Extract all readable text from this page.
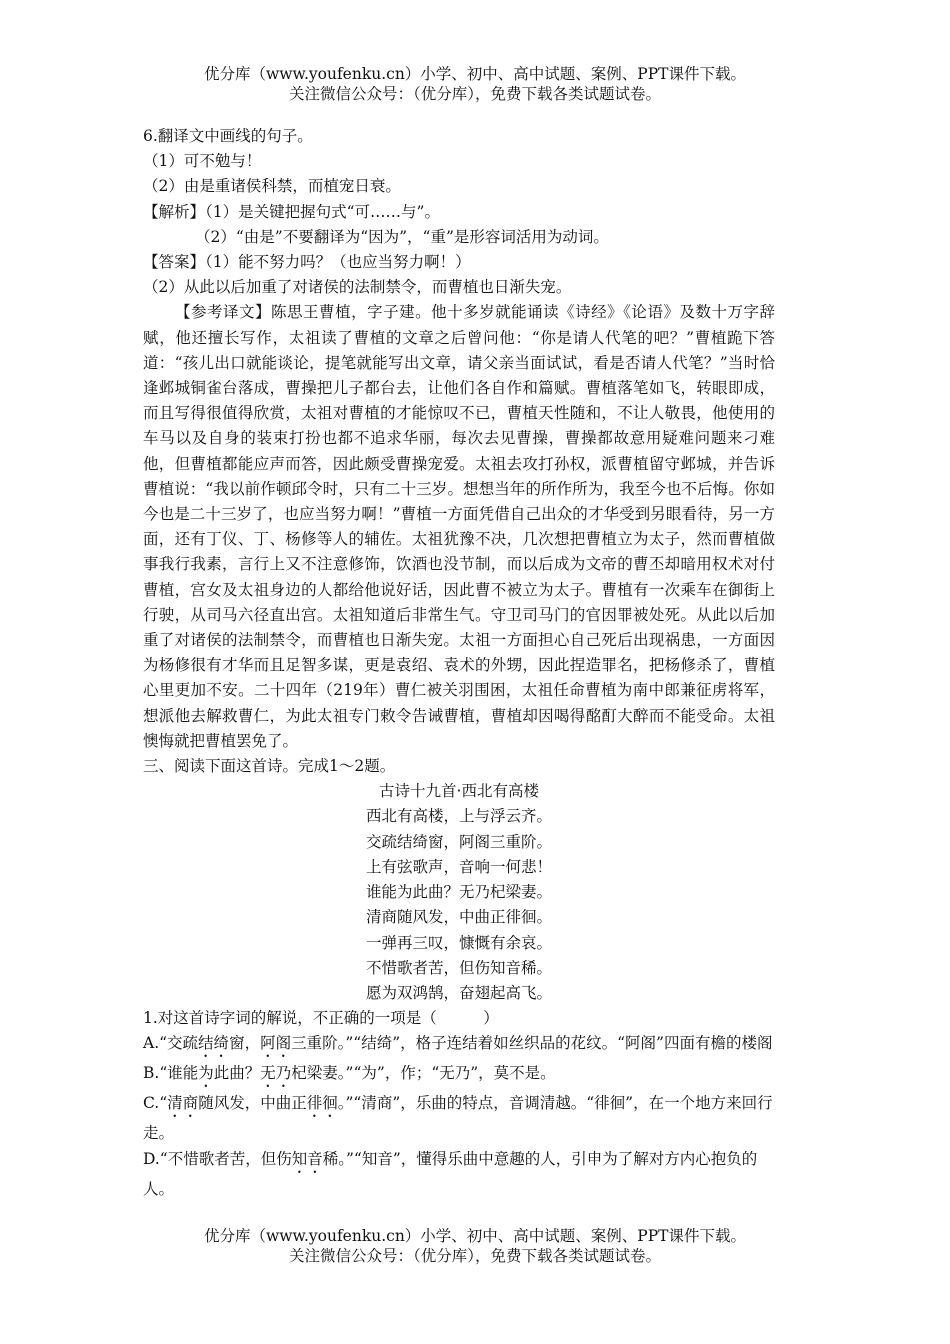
优分库（www.youfenku.cn）小学、初中、高中试题、案例、PPT课件下载。
关注微信公众号：（优分库），免费下载各类试题试卷。

6.翻译文中画线的句子。

（1）可不勉与！

（2）由是重诸侯科禁，而植宠日衰。

【解析】（1）是关键把握句式“可……与”。

（2）“由是”不要翻译为“因为”，“重”是形容词活用为动词。

【答案】（1）能不努力吗？（也应当努力啊！）

（2）从此以后加重了对诸侯的法制禁令，而曹植也日渐失宠。

【参考译文】陈思王曹植，字子建。他十多岁就能诵读《诗经》《论语》及数十万字辞赋，他还擅长写作，太祖读了曹植的文章之后曾问他：“你是请人代笔的吧？”曹植跪下答道：“孩儿出口就能谈论，提笔就能写出文章，请父亲当面试试，看是否请人代笔？”当时恰逢邺城铜雀台落成，曹操把儿子都台去，让他们各自作和篇赋。曹植落笔如飞，转眼即成，而且写得很值得欣赏，太祖对曹植的才能惊叹不已，曹植天性随和，不让人敬畏，他使用的车马以及自身的装束打扮也都不追求华丽，每次去见曹操，曹操都故意用疑难问题来刁难他，但曹植都能应声而答，因此颇受曹操宠爱。太祖去攻打孙权，派曹植留守邺城，并告诉曹植说：“我以前作顿邱令时，只有二十三岁。想想当年的所作所为，我至今也不后悔。你如今也是二十三岁了，也应当努力啊！”曹植一方面凭借自己出众的才华受到另眼看待，另一方面，还有丁仪、丁、杨修等人的辅佐。太祖犹豫不决，几次想把曹植立为太子，然而曹植做事我行我素，言行上又不注意修饰，饮酒也没节制，而以后成为文帝的曹丕却暗用权术对付曹植，宫女及太祖身边的人都给他说好话，因此曹不被立为太子。曹植有一次乘车在御街上行驶，从司马六径直出宫。太祖知道后非常生气。守卫司马门的官因罪被处死。从此以后加重了对诸侯的法制禁令，而曹植也日渐失宠。太祖一方面担心自己死后出现祸患，一方面因为杨修很有才华而且足智多谋，更是袁绍、袁术的外甥，因此捏造罪名，把杨修杀了，曹植心里更加不安。二十四年（219年）曹仁被关羽围困，太祖任命曹植为南中郎兼征虏将军，想派他去解救曹仁，为此太祖专门敕令告诫曹植，曹植却因喝得酩酊大醉而不能受命。太祖懊悔就把曹植罢免了。

三、阅读下面这首诗。完成1～2题。

古诗十九首·西北有高楼

西北有高楼，上与浮云齐。

交疏结绮窗，阿阁三重阶。

上有弦歌声，音响一何悲！

谁能为此曲？无乃杞梁妻。

清商随风发，中曲正徘徊。

一弹再三叹，慷慨有余哀。

不惜歌者苦，但伤知音稀。

愿为双鸿鹄，奋翅起高飞。

1.对这首诗字词的解说，不正确的一项是（　　　）

A.“交疏结绮窗，阿阁三重阶。”“结绮”，格子连结着如丝织品的花纹。“阿阁”四面有檐的楼阁

B.“谁能为此曲？无乃杞梁妻。”“为”，作；“无乃”，莫不是。

C.“清商随风发，中曲正徘徊。”“清商”，乐曲的特点，音调清越。“徘徊”，在一个地方来回行走。

D.“不惜歌者苦，但伤知音稀。”“知音”，懂得乐曲中意趣的人，引申为了解对方内心抱负的人。

优分库（www.youfenku.cn）小学、初中、高中试题、案例、PPT课件下载。
关注微信公众号：（优分库），免费下载各类试题试卷。
